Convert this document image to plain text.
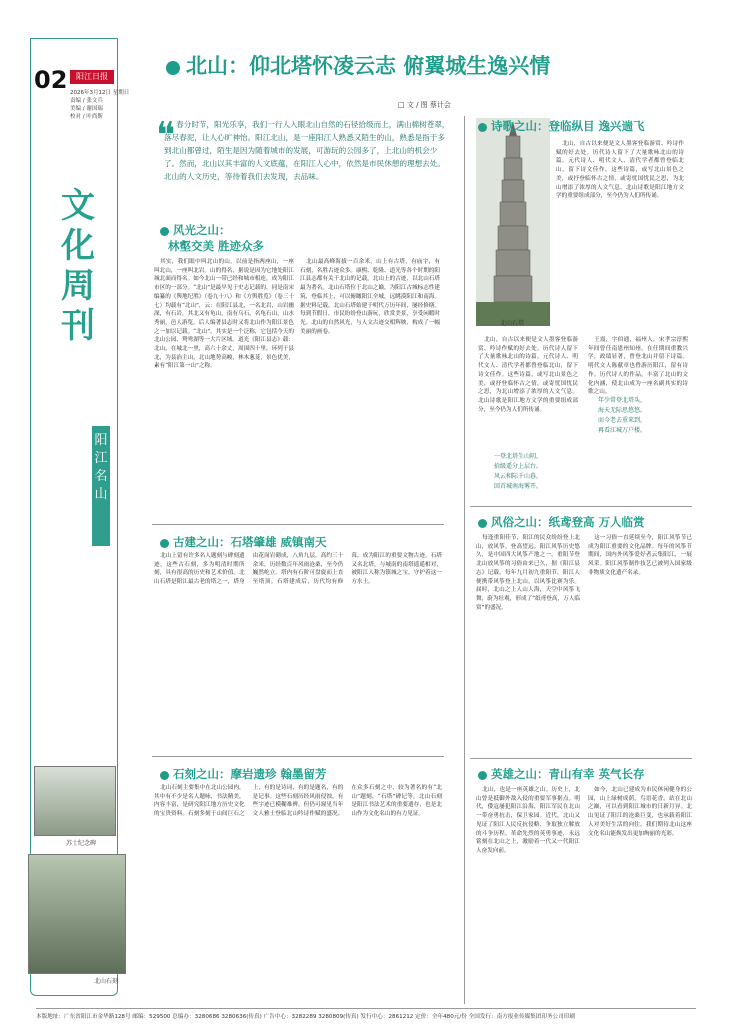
02	阳江日报
2026年3月12日 星期日
责编 / 张文兵
美编 / 谢国瑞
校对 / 叶尚斯
文化周刊
阳江名山
苏士纪念碑
北山石刻
北山：仰北塔怀凌云志 俯翼城生逸兴情
□ 文 / 图 蔡计会
❝ 春分时节，阳光乐享，我们一行人入眼北山自然的石径拾级而上，满山棉树苍翠，落尽春泥，让人心旷神怡。阳江北山，是一座阳江人熟悉又陌生的山，熟悉是指于多到北山都曾过，陌生是因为随着城市的发展，可游玩的公园多了，上北山的机会少了。然而，北山以其丰富的人文底蕴，在阳江人心中，依然是市民休憩的理想去处。北山的人文历史，等待着我们去发现，去品味。

北山石塔
风光之山：
林壑交美 胜迹众多

其实，我们眼中叫北山的山，以前是指两座山，一座叫北山，一座叫北岩。山的得名，据说是因为它地处阳江城北面而得名。如今北山一带已经和城市相连，成为阳江市区的一部分。“北山”是最早见于史志记载的，同是南宋编纂的《舆地纪胜》（卷九十八）和《方舆胜览》（卷三十七）均载有“北山”，云：在阳江县北，一名北岩，山岩幽深，有石岩，其北又有龟山，南有乌石，名龟石山，山水秀丽，邑人游览。后人编著县志时又将北山作为阳江景色之一加以记载。“北山”，其实是一个泛称，它包括今天的北山公园、鸳鸯湖等一大片区域。道光《阳江县志》载：北山，在城北一里，高六十余丈，周围四十里，环列于县北，为县治主山。北山地势高峻，林木葱茏，景色优美，素有“阳江第一山”之称。

北山最高峰海拔一百余米，山上有古塔，有庙宇，有石刻，名胜古迹众多。康熙、乾隆、道光等各个时期的阳江县志都有关于北山的记载。北山上的古迹，以北山石塔最为著名。北山石塔位于北山之巅，为阳江古城标志性建筑，登临其上，可以俯瞰阳江全城，远眺漠阳江和南海。据史料记载，北山石塔始建于明代万历年间，屡经修缮。每到节假日，市民纷纷登山游玩，欣赏美景，享受闲暇时光。北山的自然风光，与人文古迹交相辉映，构成了一幅美丽的画卷。

古建之山：石塔肇雄 威镇南天

北山上留有许多名人题刻与碑刻遗迹，这些古石刻，多为明清时期所刻，具有很高的历史和艺术价值。北山石塔是阳江最古老的塔之一，塔身由花岗岩砌成，八角九层，高约三十余米，历经数百年风雨沧桑，至今仍巍然屹立。塔内有石阶可盘旋而上直至塔顶。石塔建成后，历代均有修葺，成为阳江的重要文物古迹。石塔又名北塔，与城南的南塔遥遥相对，被阳江人称为镇城之宝，守护着这一方水土。

石刻之山：摩岩遗珍 翰墨留芳

北山石刻主要集中在北山公园内，其中有不少是名人题咏，书法精美，内容丰富，是研究阳江地方历史文化的宝贵资料。石刻多刻于山间巨石之上，有的是诗词，有的是题名，有的是记事。这些石刻历经风雨侵蚀，有些字迹已模糊难辨，但仍可窥见当年文人雅士登临北山吟诗作赋的盛况。在众多石刻之中，较为著名的有“北山”题刻、“石塔”碑记等。北山石刻是阳江书法艺术的重要遗存，也是北山作为文化名山的有力见证。

诗歌之山：登临纵目 逸兴遄飞

北山，自古以来便是文人墨客登临游赏、吟诗作赋的好去处。历代诗人留下了大量歌咏北山的诗篇。元代诗人、明代文人、清代学者都曾登临北山，留下诗文佳作。这些诗篇，或写北山景色之美，或抒登临怀古之情，或寄忧国忧民之思，为北山增添了浓厚的人文气息。北山诗歌是阳江地方文学的重要组成部分，至今仍为人们所传诵。

北山，自古以来便是文人墨客登临游赏、吟诗作赋的好去处。历代诗人留下了大量歌咏北山的诗篇。元代诗人、明代文人、清代学者都曾登临北山，留下诗文佳作。这些诗篇，或写北山景色之美，或抒登临怀古之情，或寄忧国忧民之思，为北山增添了浓厚的人文气息。北山诗歌是阳江地方文学的重要组成部分，至今仍为人们所传诵。

一登北塔生山阴，
拾级遥分上层台。
风云相际千山暮，
回首城南海雾开。

王震，字伯通，福州人，宋孝宗淳熙年间曾任南恩州知州，在任期间重教兴学，政绩显著，曾登北山并留下诗篇。明代文人陈献章也曾游历阳江，留有诗作。历代诗人的作品，丰富了北山的文化内涵，使北山成为一座名副其实的诗歌之山。

年少常登北塔头，
海天无际思悠悠。
而今老去重来到，
再看江城万户楼。
风俗之山：纸鸢登高 万人临赏

每逢重阳佳节，阳江的民众纷纷登上北山，放风筝，登高望远。阳江风筝历史悠久，是中国四大风筝产地之一。重阳节登北山放风筝的习俗由来已久，据《阳江县志》记载，每年九月初九重阳节，阳江人便携带风筝登上北山，以风筝比赛为乐。届时，北山之上人山人海，天空中风筝飞舞，蔚为壮观，形成了“纸鸢登高，万人临赏”的盛况。

这一习俗一直延续至今，阳江风筝节已成为阳江重要的文化品牌。每年的风筝节期间，国内外风筝爱好者云集阳江，一展风采。阳江风筝制作技艺已被列入国家级非物质文化遗产名录。

英雄之山：青山有幸 英气长存

北山，也是一座英雄之山。历史上，北山曾是抵御外敌入侵的重要军事据点。明代，倭寇屡犯阳江沿海，阳江军民在北山一带奋勇抗击，保卫家园。近代，北山又见证了阳江人民反抗侵略、争取独立解放的斗争历程。革命先烈的英勇事迹，永远铭刻在北山之上，激励着一代又一代阳江人奋发向前。

如今，北山已建成为市民休闲健身的公园，山上绿树成荫，鸟语花香。站在北山之巅，可以看到阳江城市的日新月异。北山见证了阳江的沧桑巨变，也承载着阳江人对美好生活的向往。我们期待北山这座文化名山能焕发出更加绚丽的光彩。

本版地址：广东省阳江市金华路128号 邮编：529500 总编办：3280686 3280636(传真) 广告中心：3282289 3280809(传真) 发行中心：2861212 定价：全年480元/份 全国发行：南方报业传媒集团印务公司印刷
